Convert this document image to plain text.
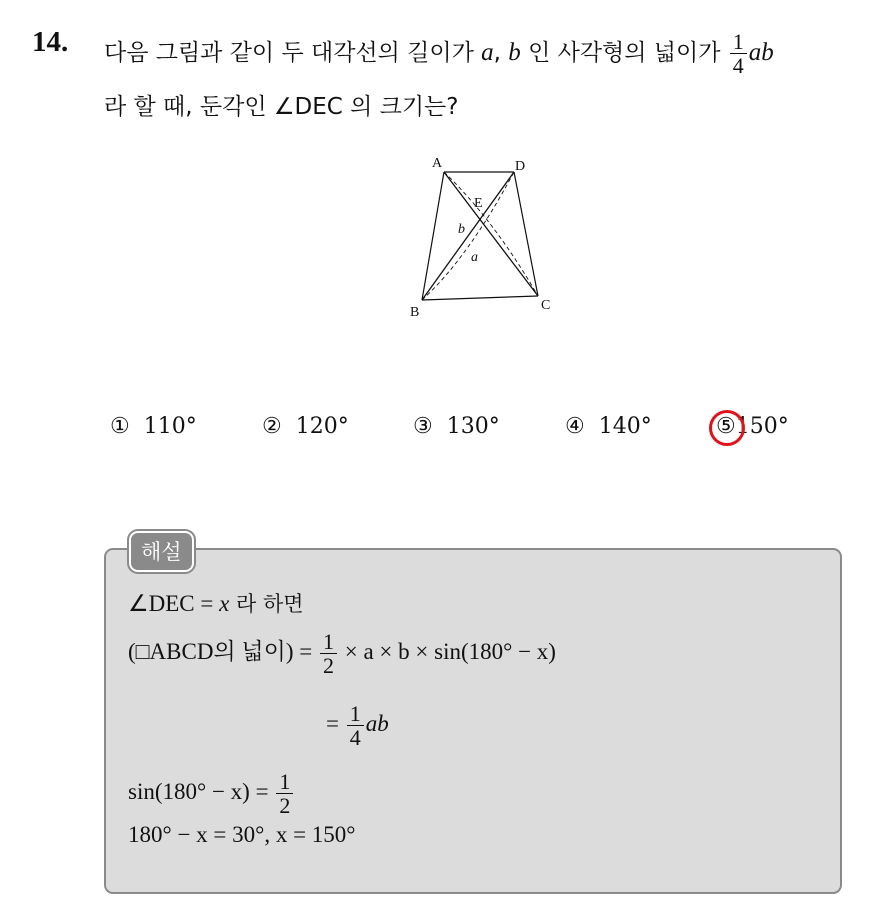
14. 다음 그림과 같이 두 대각선의 길이가 a, b 인 사각형의 넓이가 $\frac{1}{4}$ ab
라 할 때, 둔각인 ∠DEC 의 크기는?
A	D
E
b
a
B	C
① 110°	② 120°	③ 130°	④ 140°	⑤150°
해설
∠DEC = x 라 하면
(□ABCD의 넓이) = $\frac{1}{2} \times a \times b \times \sin(180^\circ - x)$
= $\frac{1}{4}$ ab
$\sin(180^\circ - x) = \frac{1}{2}$
180° − x = 30°, x = 150°
